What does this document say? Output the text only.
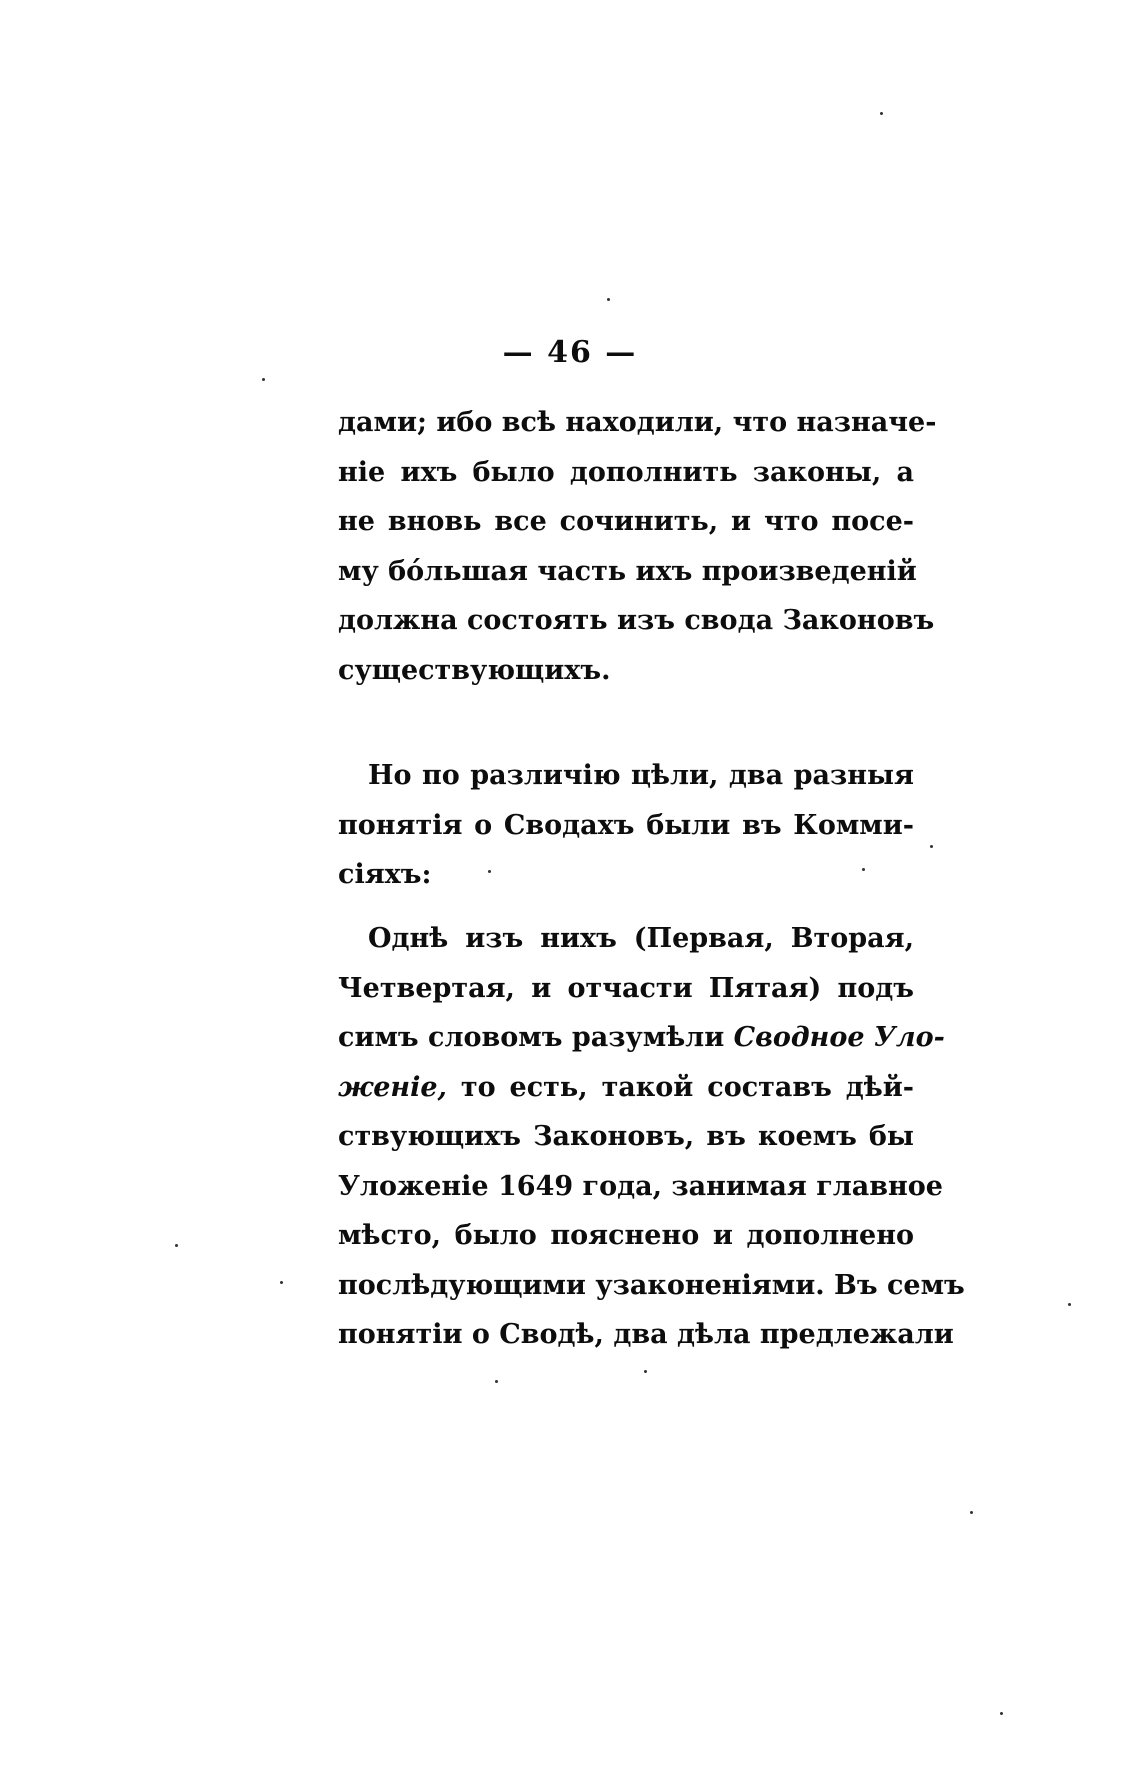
— 46 —
дами; ибо всѣ находили, что назначе-
ніе ихъ было дополнить законы, а
не вновь все сочинить, и что посе-
му бо́льшая часть ихъ произведеній
должна состоять изъ свода Законовъ
существующихъ.
Но по различію цѣли, два разныя
понятія о Сводахъ были въ Комми-
сіяхъ:
Однѣ изъ нихъ (Первая, Вторая,
Четвертая, и отчасти Пятая) подъ
симъ словомъ разумѣли Сводное Уло-
женіе, то есть, такой составъ дѣй-
ствующихъ Законовъ, въ коемъ бы
Уложеніе 1649 года, занимая главное
мѣсто, было пояснено и дополнено
послѣдующими узаконеніями. Въ семъ
понятіи о Сводѣ, два дѣла предлежали
